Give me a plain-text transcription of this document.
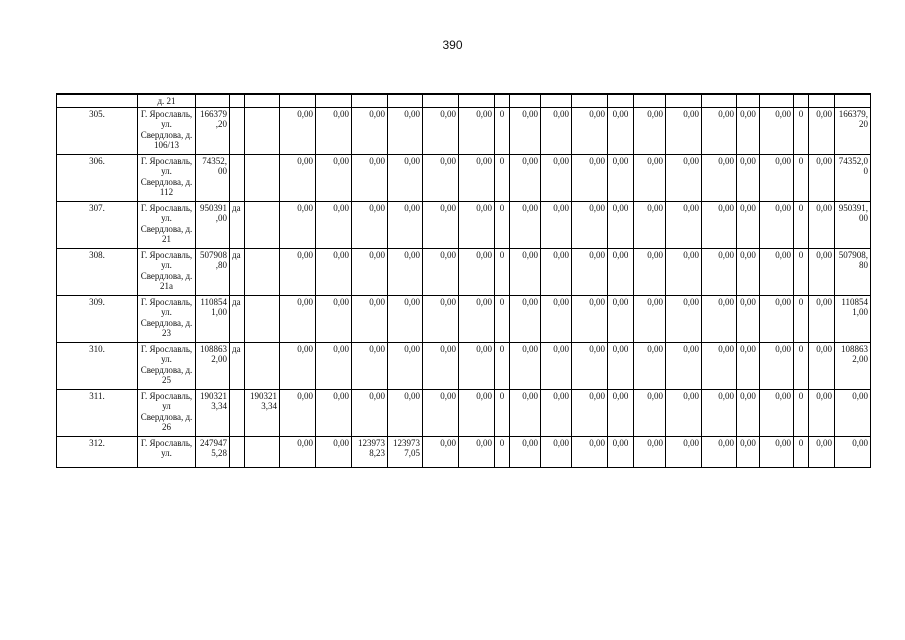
390
	д. 21																						
305.	Г. Ярославль, ул. Свердлова, д. 106/13	166379,20			0,00	0,00	0,00	0,00	0,00	0,00	0	0,00	0,00	0,00	0,00	0,00	0,00	0,00	0,00	0,00	0	0,00	166379,20
306.	Г. Ярославль, ул. Свердлова, д. 112	74352,00			0,00	0,00	0,00	0,00	0,00	0,00	0	0,00	0,00	0,00	0,00	0,00	0,00	0,00	0,00	0,00	0	0,00	74352,00
307.	Г. Ярославль, ул. Свердлова, д. 21	950391,00	да		0,00	0,00	0,00	0,00	0,00	0,00	0	0,00	0,00	0,00	0,00	0,00	0,00	0,00	0,00	0,00	0	0,00	950391,00
308.	Г. Ярославль, ул. Свердлова, д. 21а	507908,80	да		0,00	0,00	0,00	0,00	0,00	0,00	0	0,00	0,00	0,00	0,00	0,00	0,00	0,00	0,00	0,00	0	0,00	507908,80
309.	Г. Ярославль, ул. Свердлова, д. 23	1108541,00	да		0,00	0,00	0,00	0,00	0,00	0,00	0	0,00	0,00	0,00	0,00	0,00	0,00	0,00	0,00	0,00	0	0,00	1108541,00
310.	Г. Ярославль, ул. Свердлова, д. 25	1088632,00	да		0,00	0,00	0,00	0,00	0,00	0,00	0	0,00	0,00	0,00	0,00	0,00	0,00	0,00	0,00	0,00	0	0,00	1088632,00
311.	Г. Ярославль, ул Свердлова, д. 26	1903213,34		1903213,34	0,00	0,00	0,00	0,00	0,00	0,00	0	0,00	0,00	0,00	0,00	0,00	0,00	0,00	0,00	0,00	0	0,00	0,00
312.	Г. Ярославль, ул.	2479475,28			0,00	0,00	1239738,23	1239737,05	0,00	0,00	0	0,00	0,00	0,00	0,00	0,00	0,00	0,00	0,00	0,00	0	0,00	0,00
